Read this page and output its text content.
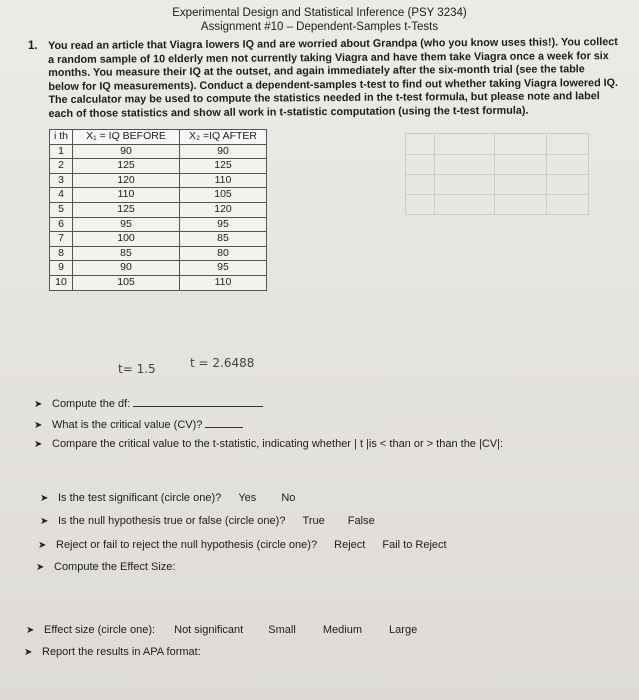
Experimental Design and Statistical Inference (PSY 3234)
Assignment #10 – Dependent-Samples t-Tests
1. You read an article that Viagra lowers IQ and are worried about Grandpa (who you know uses this!). You collect a random sample of 10 elderly men not currently taking Viagra and have them take Viagra once a week for six months. You measure their IQ at the outset, and again immediately after the six-month trial (see the table below for IQ measurements). Conduct a dependent-samples t-test to find out whether taking Viagra lowered IQ. The calculator may be used to compute the statistics needed in the t-test formula, but please note and label each of those statistics and show all work in t-statistic computation (using the t-test formula).
i th	X₁ = IQ BEFORE	X₂ =IQ AFTER
1	90	90
2	125	125
3	120	110
4	110	105
5	125	120
6	95	95
7	100	85
8	85	80
9	90	95
10	105	110
t= 1.5	t = 2.6488
➤ Compute the df:
➤ What is the critical value (CV)?
➤ Compare the critical value to the t-statistic, indicating whether | t |is < than or > than the |CV|:
➤ Is the test significant (circle one)? Yes No
➤ Is the null hypothesis true or false (circle one)? True False
➤ Reject or fail to reject the null hypothesis (circle one)? Reject Fail to Reject
➤ Compute the Effect Size:
➤ Effect size (circle one): Not significant Small Medium Large
➤ Report the results in APA format:
